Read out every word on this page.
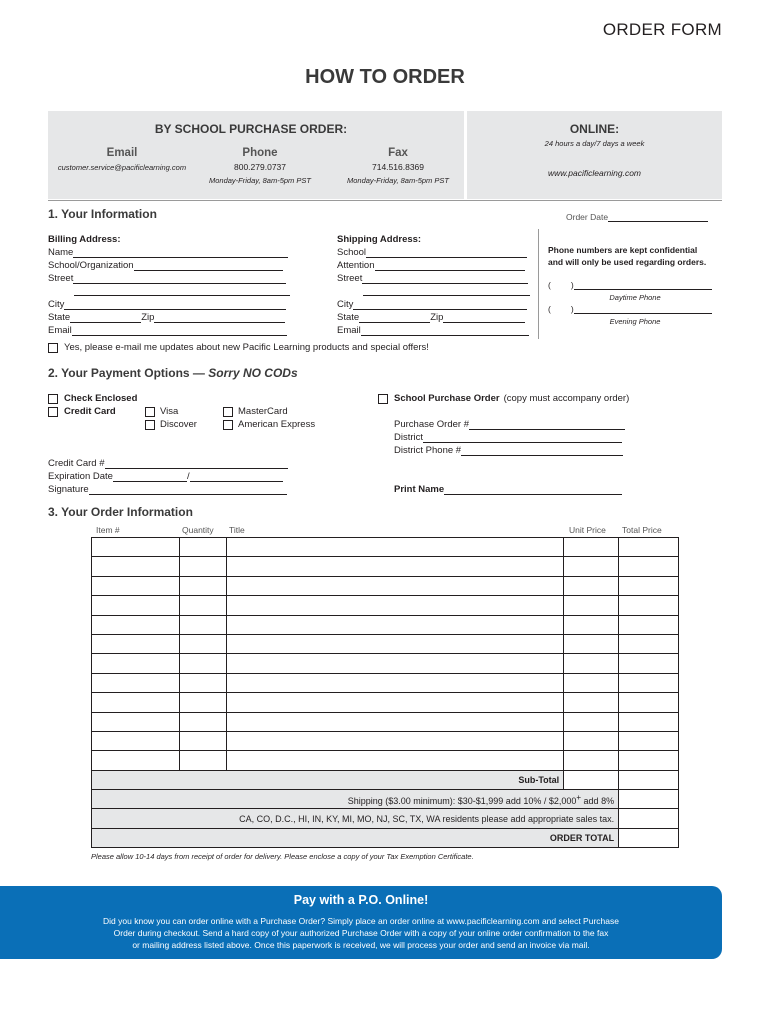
ORDER FORM
HOW TO ORDER
BY SCHOOL PURCHASE ORDER:
Email
customer.service@pacificlearning.com
Phone
800.279.0737
Monday-Friday, 8am-5pm PST
Fax
714.516.8369
Monday-Friday, 8am-5pm PST
ONLINE:
24 hours a day/7 days a week
www.pacificlearning.com
1. Your Information	Order Date
Billing Address:
Name
School/Organization
Street
City
State	Zip
Email
Shipping Address:
School
Attention
Street
City
State	Zip
Email
Phone numbers are kept confidential
and will only be used regarding orders.
( )
Daytime Phone
( )
Evening Phone
Yes, please e-mail me updates about new Pacific Learning products and special offers!
2. Your Payment Options — Sorry NO CODs
Check Enclosed
Credit Card	Visa	MasterCard
Discover	American Express
School Purchase Order (copy must accompany order)
Purchase Order #
District
District Phone #
Credit Card #
Expiration Date	/
Signature	Print Name
3. Your Order Information
Item #	Quantity Title	Unit Price Total Price

Sub-Total				
Shipping ($3.00 minimum): $30-$1,999 add 10% / $2,000+ add 8%				
CA, CO, D.C., HI, IN, KY, MI, MO, NJ, SC, TX, WA residents please add appropriate sales tax.				
ORDER TOTAL				
Please allow 10-14 days from receipt of order for delivery. Please enclose a copy of your Tax Exemption Certificate.
Pay with a P.O. Online!
Did you know you can order online with a Purchase Order? Simply place an order online at www.pacificlearning.com and select Purchase
Order during checkout. Send a hard copy of your authorized Purchase Order with a copy of your online order confirmation to the fax
or mailing address listed above. Once this paperwork is received, we will process your order and send an invoice via mail.
